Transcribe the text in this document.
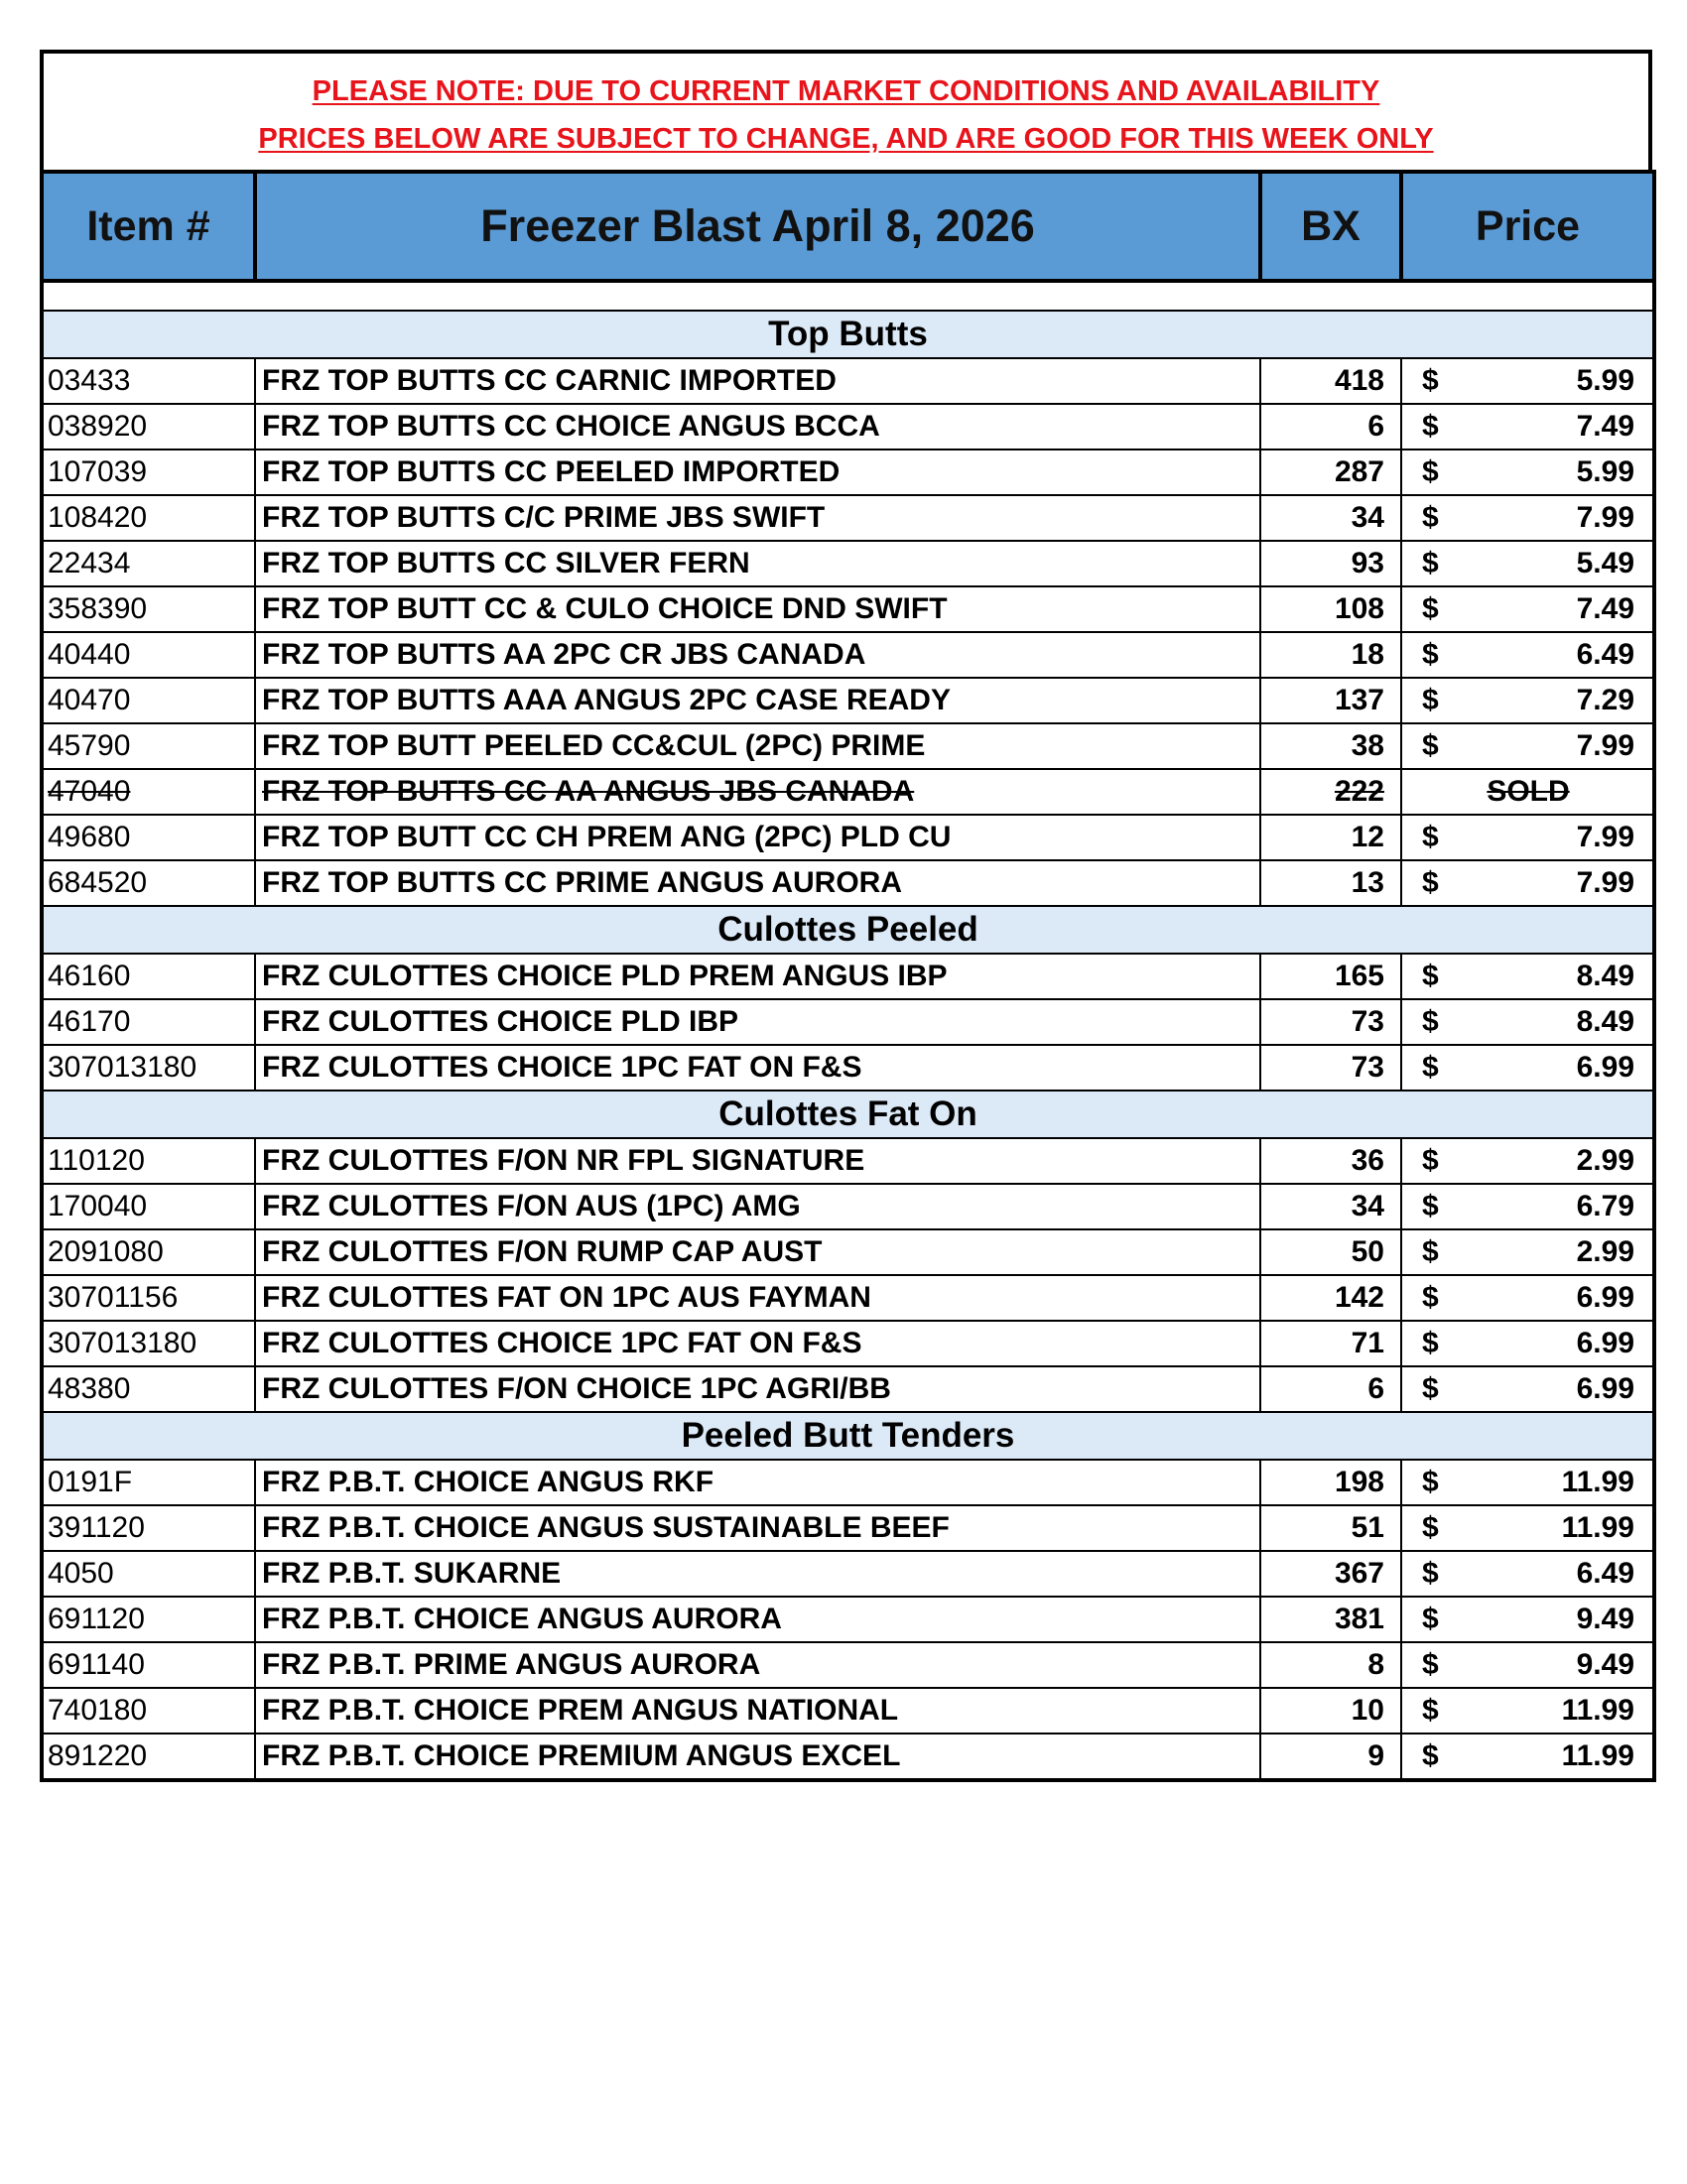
PLEASE NOTE: DUE TO CURRENT MARKET CONDITIONS AND AVAILABILITY
PRICES BELOW ARE SUBJECT TO CHANGE, AND ARE GOOD FOR THIS WEEK ONLY
Item #	Freezer Blast April 8, 2026	BX	Price

Top Butts			
03433	FRZ TOP BUTTS CC CARNIC IMPORTED	418	$ 5.99

038920	FRZ TOP BUTTS CC CHOICE ANGUS BCCA	6	$ 7.49

107039	FRZ TOP BUTTS CC PEELED IMPORTED	287	$ 5.99

108420	FRZ TOP BUTTS C/C PRIME JBS SWIFT	34	$ 7.99

22434	FRZ TOP BUTTS CC SILVER FERN	93	$ 5.49

358390	FRZ TOP BUTT CC & CULO CHOICE DND SWIFT	108	$ 7.49

40440	FRZ TOP BUTTS AA 2PC CR JBS CANADA	18	$ 6.49

40470	FRZ TOP BUTTS AAA ANGUS 2PC CASE READY	137	$ 7.29

45790	FRZ TOP BUTT PEELED CC&CUL (2PC) PRIME	38	$ 7.99

47040	FRZ TOP BUTTS CC AA ANGUS JBS CANADA	222	SOLD

49680	FRZ TOP BUTT CC CH PREM ANG (2PC) PLD CU	12	$ 7.99

684520	FRZ TOP BUTTS CC PRIME ANGUS AURORA	13	$ 7.99

Culottes Peeled			
46160	FRZ CULOTTES CHOICE PLD PREM ANGUS IBP	165	$ 8.49

46170	FRZ CULOTTES CHOICE PLD IBP	73	$ 8.49

307013180	FRZ CULOTTES CHOICE 1PC FAT ON F&S	73	$ 6.99

Culottes Fat On			
110120	FRZ CULOTTES F/ON NR FPL SIGNATURE	36	$ 2.99

170040	FRZ CULOTTES F/ON AUS (1PC) AMG	34	$ 6.79

2091080	FRZ CULOTTES F/ON RUMP CAP AUST	50	$ 2.99

30701156	FRZ CULOTTES FAT ON 1PC AUS FAYMAN	142	$ 6.99

307013180	FRZ CULOTTES CHOICE 1PC FAT ON F&S	71	$ 6.99

48380	FRZ CULOTTES F/ON CHOICE 1PC AGRI/BB	6	$ 6.99

Peeled Butt Tenders			
0191F	FRZ P.B.T. CHOICE ANGUS RKF	198	$ 11.99

391120	FRZ P.B.T. CHOICE ANGUS SUSTAINABLE BEEF	51	$ 11.99

4050	FRZ P.B.T. SUKARNE	367	$ 6.49

691120	FRZ P.B.T. CHOICE ANGUS AURORA	381	$ 9.49

691140	FRZ P.B.T. PRIME ANGUS AURORA	8	$ 9.49

740180	FRZ P.B.T. CHOICE PREM ANGUS NATIONAL	10	$ 11.99

891220	FRZ P.B.T. CHOICE PREMIUM ANGUS EXCEL	9	$ 11.99
